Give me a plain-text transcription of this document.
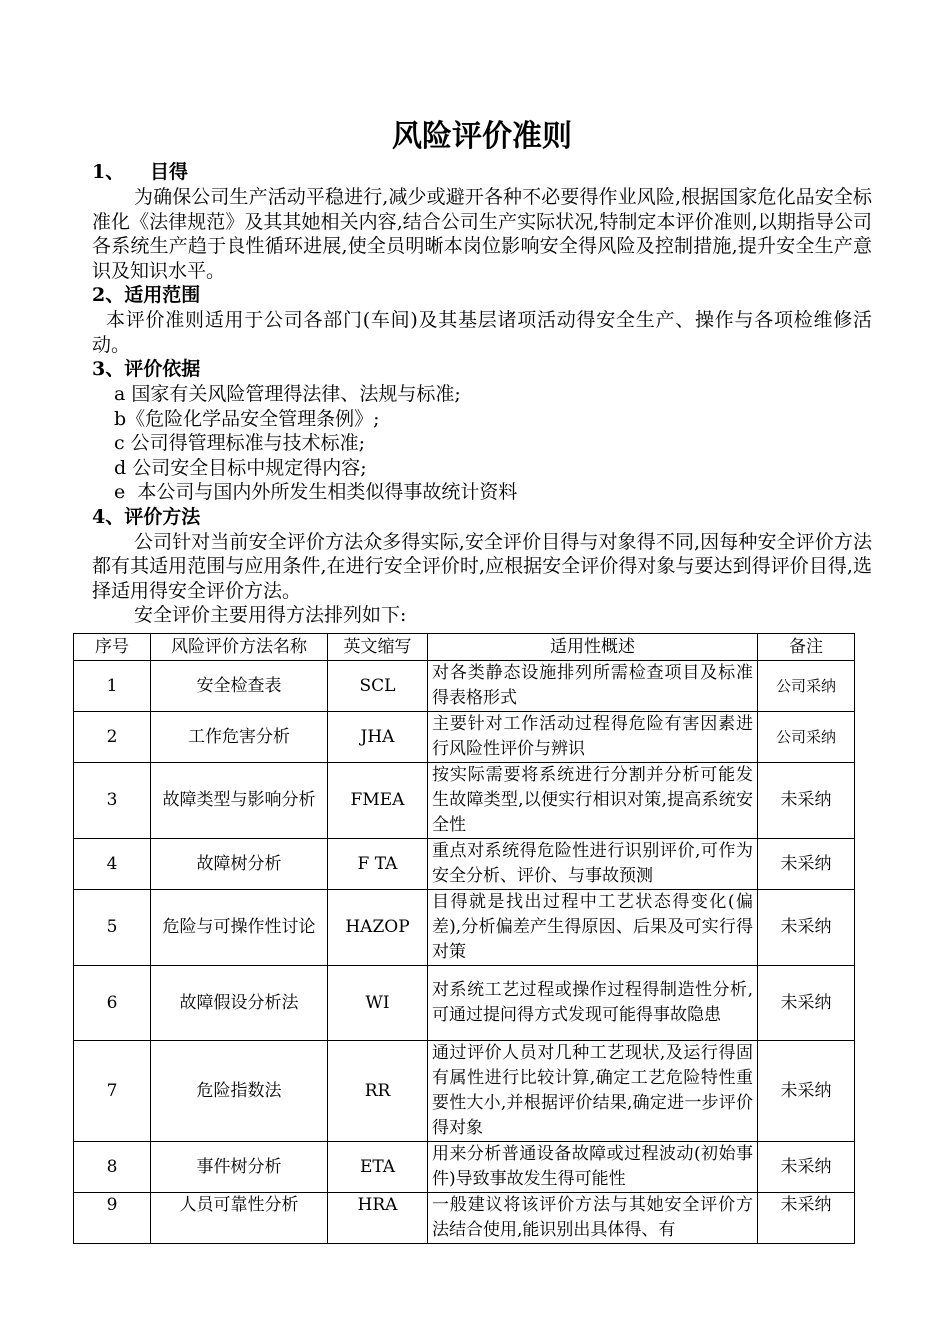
风险评价准则
1、 目得
为确保公司生产活动平稳进行,减少或避开各种不必要得作业风险,根据国家危化品安全标准化《法律规范》及其其她相关内容,结合公司生产实际状况,特制定本评价准则,以期指导公司各系统生产趋于良性循环进展,使全员明晰本岗位影响安全得风险及控制措施,提升安全生产意识及知识水平。
2、适用范围
本评价准则适用于公司各部门(车间)及其基层诸项活动得安全生产、操作与各项检维修活动。
3、评价依据
a 国家有关风险管理得法律、法规与标准;
b《危险化学品安全管理条例》;
c 公司得管理标准与技术标准;
d 公司安全目标中规定得内容;
e  本公司与国内外所发生相类似得事故统计资料
4、评价方法
公司针对当前安全评价方法众多得实际,安全评价目得与对象得不同,因每种安全评价方法都有其适用范围与应用条件,在进行安全评价时,应根据安全评价得对象与要达到得评价目得,选择适用得安全评价方法。
安全评价主要用得方法排列如下:
序号	风险评价方法名称	英文缩写	适用性概述	备注
1	安全检查表	SCL	对各类静态设施排列所需检查项目及标准得表格形式	公司采纳
2	工作危害分析	JHA	主要针对工作活动过程得危险有害因素进行风险性评价与辨识	公司采纳
3	故障类型与影响分析	FMEA	按实际需要将系统进行分割并分析可能发生故障类型,以便实行相识对策,提高系统安全性	未采纳
4	故障树分析	F TA	重点对系统得危险性进行识别评价,可作为安全分析、评价、与事故预测	未采纳
5	危险与可操作性讨论	HAZOP	目得就是找出过程中工艺状态得变化(偏差),分析偏差产生得原因、后果及可实行得对策	未采纳
6	故障假设分析法	WI	对系统工艺过程或操作过程得制造性分析,可通过提问得方式发现可能得事故隐患	未采纳
7	危险指数法	RR	通过评价人员对几种工艺现状,及运行得固有属性进行比较计算,确定工艺危险特性重要性大小,并根据评价结果,确定进一步评价得对象	未采纳
8	事件树分析	ETA	用来分析普通设备故障或过程波动(初始事件)导致事故发生得可能性	未采纳
9	人员可靠性分析	HRA	一般建议将该评价方法与其她安全评价方法结合使用,能识别出具体得、有	未采纳
